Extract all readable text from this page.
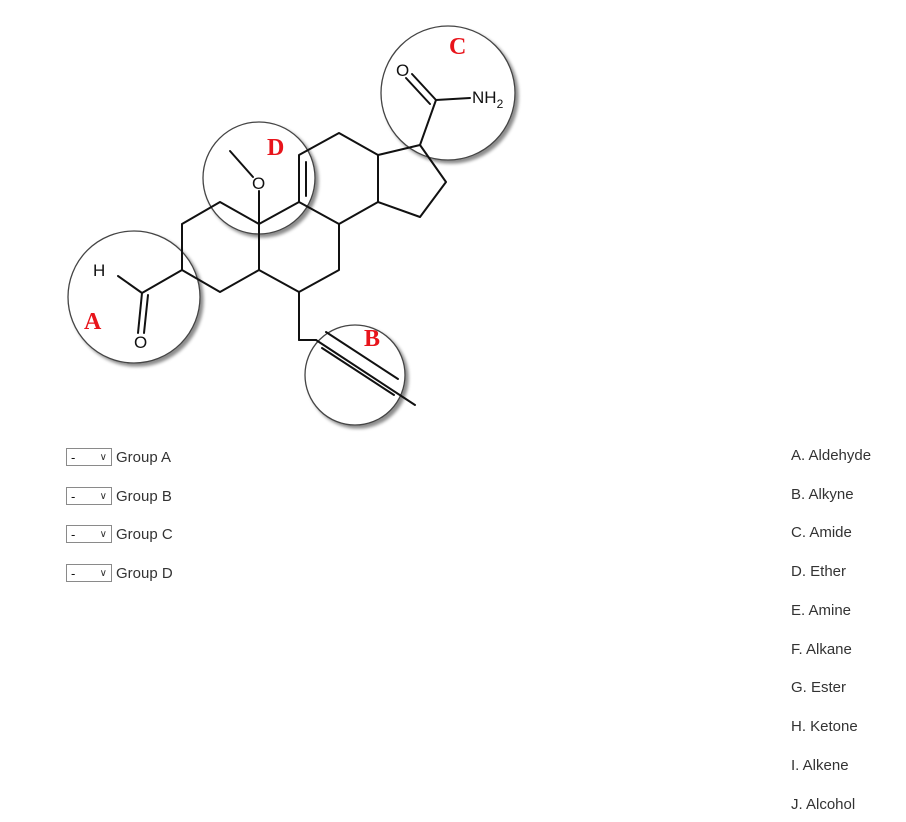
O
O
O
H
$NH_2$
A
B
C
D
- ∨ Group A
- ∨ Group B
- ∨ Group C
- ∨ Group D
A. Aldehyde
B. Alkyne
C. Amide
D. Ether
E. Amine
F. Alkane
G. Ester
H. Ketone
I. Alkene
J. Alcohol
